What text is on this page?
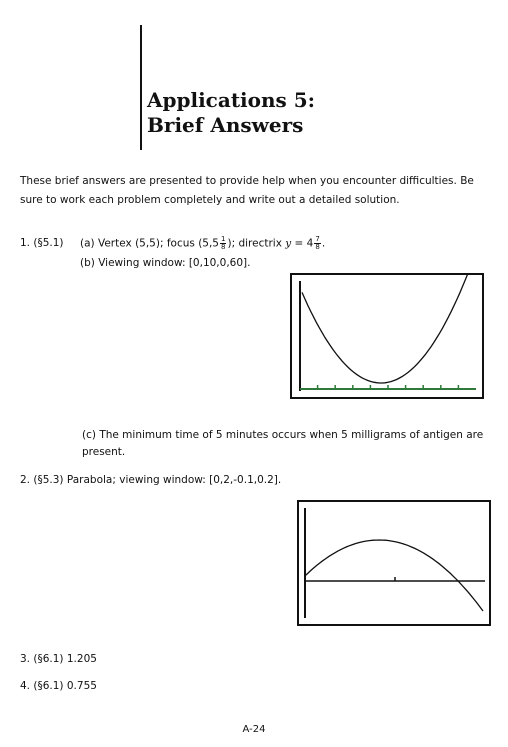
Applications 5:
Brief Answers
These brief answers are presented to provide help when you encounter difficulties. Be sure to work each problem completely and write out a detailed solution.
1. (§5.1) (a) Vertex (5,5); focus ($5,5 \frac{1}{8}$ ); directrix $y = 4 \frac{7}{8}$ .
(b) Viewing window: [0,10,0,60].
(c) The minimum time of 5 minutes occurs when 5 milligrams of antigen are present.
2. (§5.3) Parabola; viewing window: [0,2,-0.1,0.2].
3. (§6.1) 1.205
4. (§6.1) 0.755
A-24
